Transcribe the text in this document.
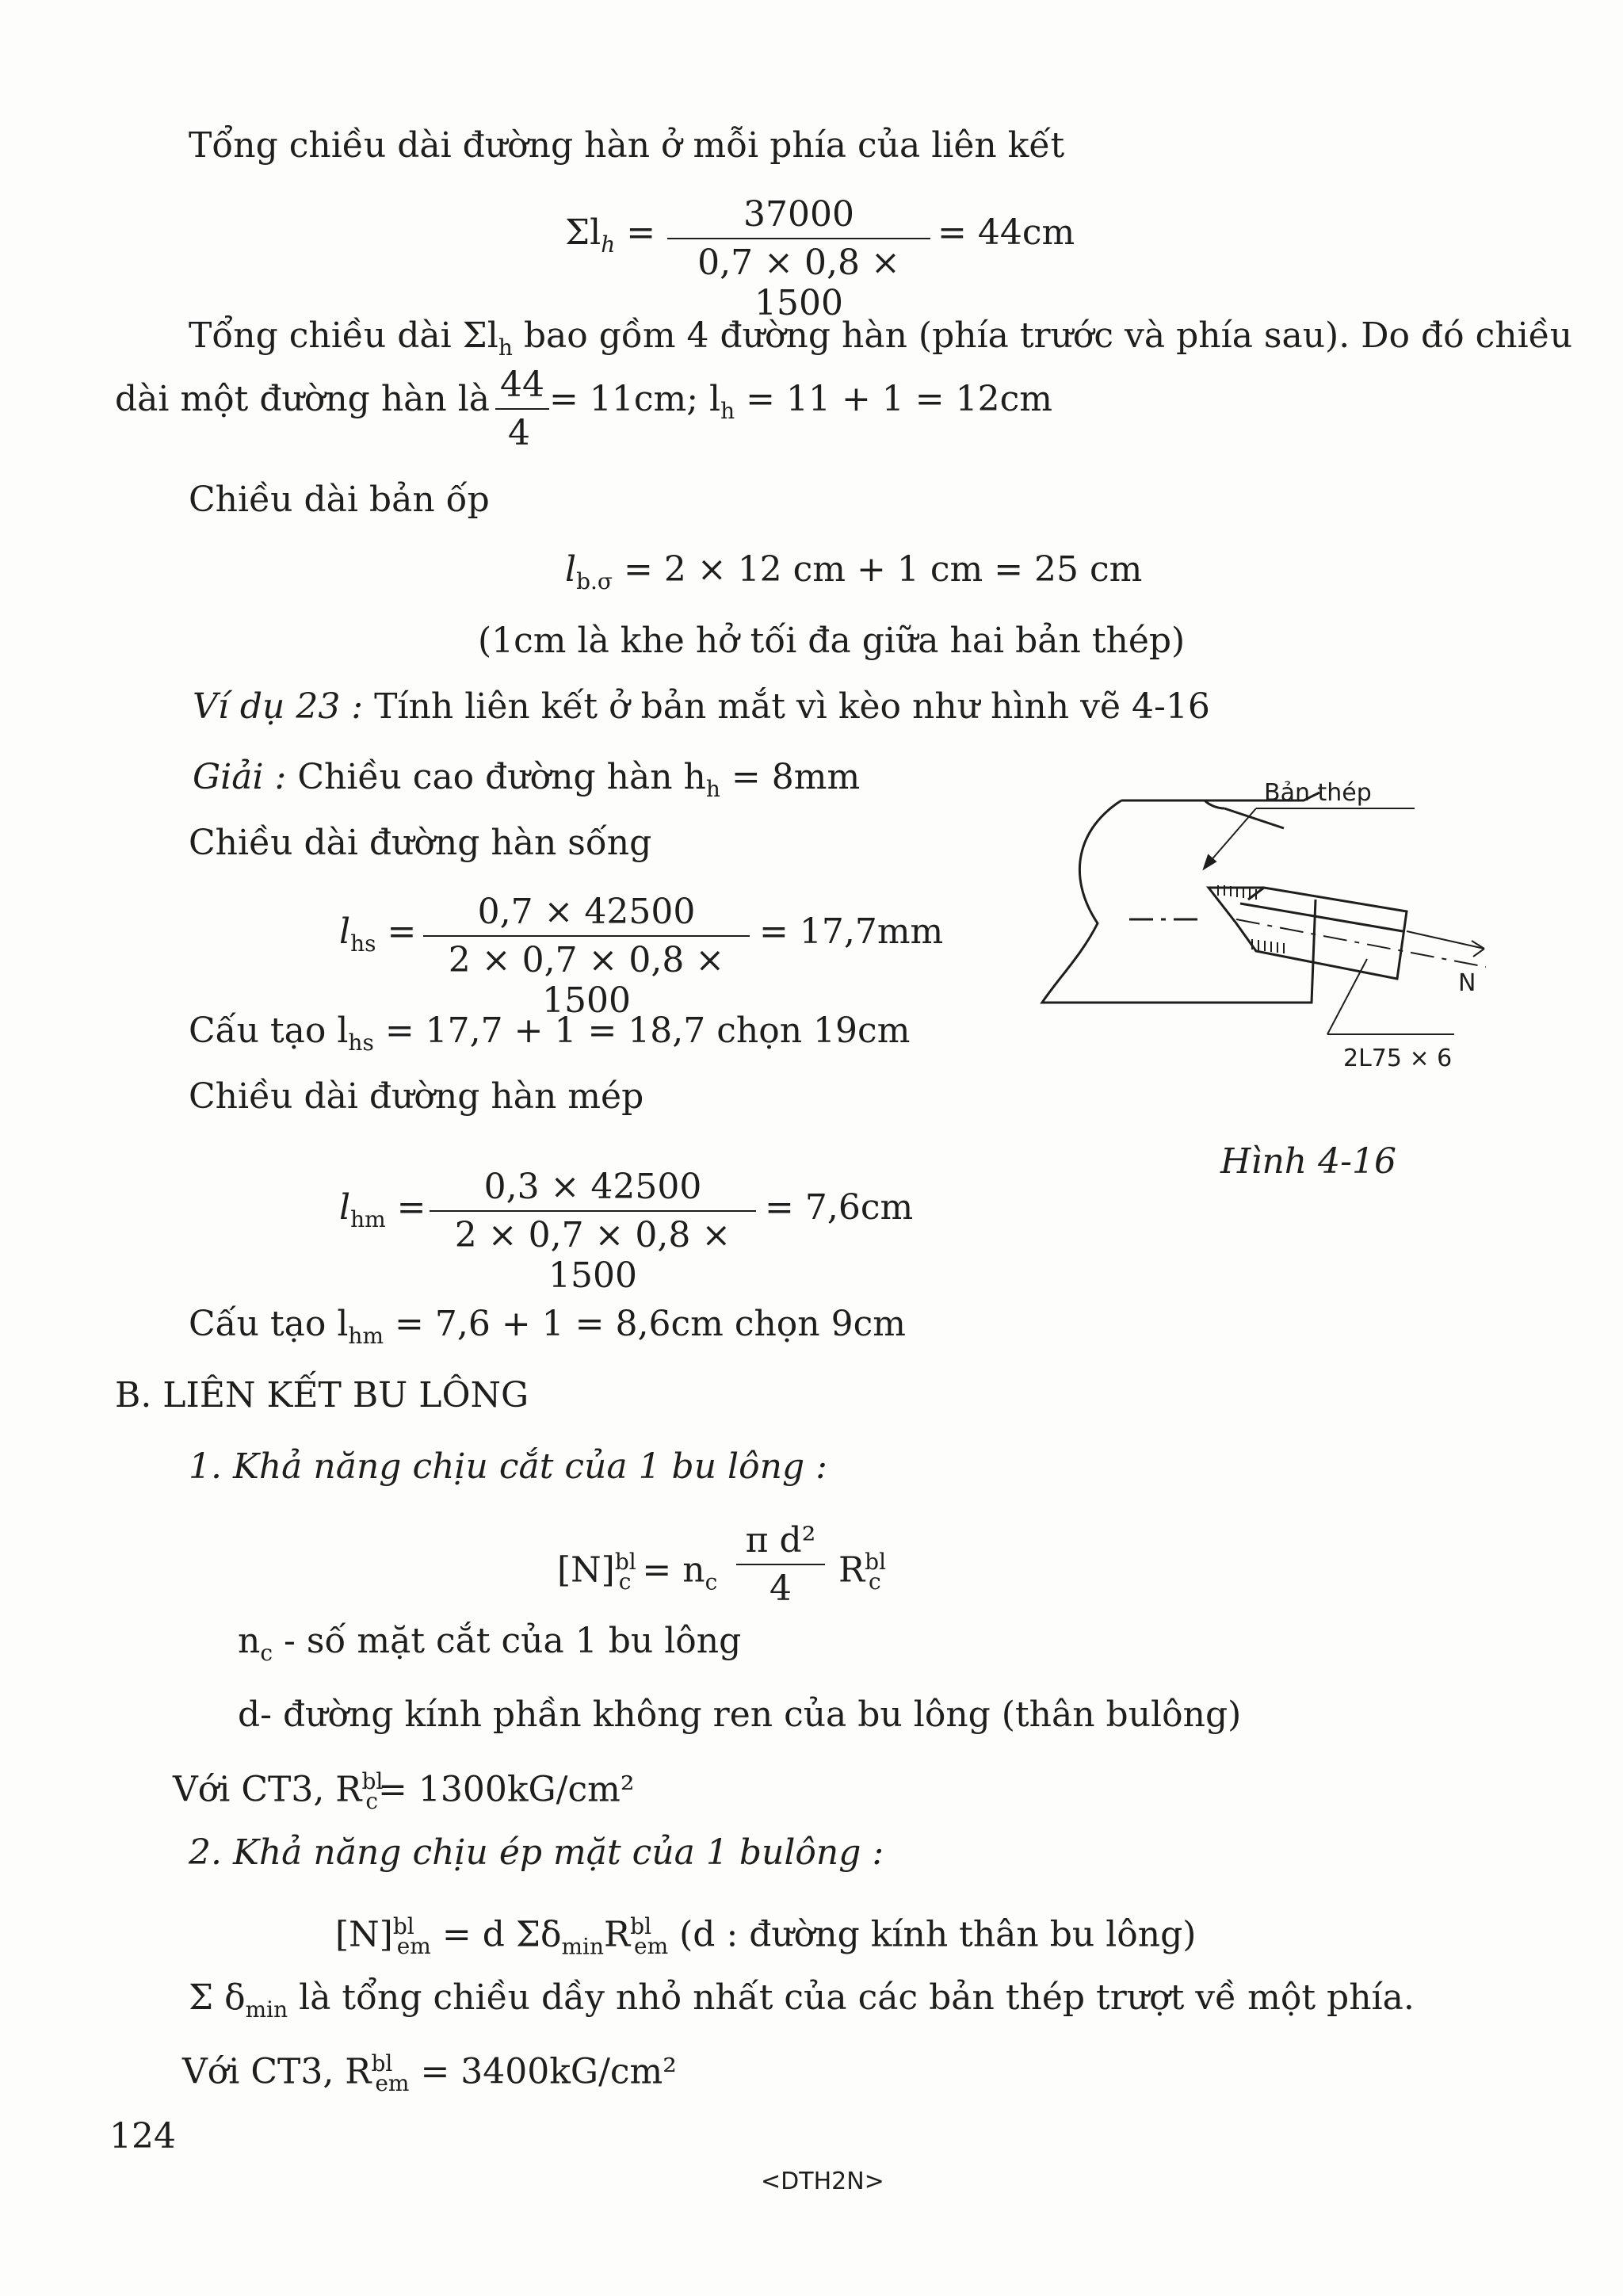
Tổng chiều dài đường hàn ở mỗi phía của liên kết
$\Sigma l_h = \frac{37000}{0,7 \times 0,8 \times 1500} = 44cm$
Tổng chiều dài $\Sigma l_h$ bao gồm 4 đường hàn (phía trước và phía sau). Do đó chiều
dài một đường hàn là $\frac{44}{4} = 11cm$; $l_h = 11 + 1 = 12cm$
Chiều dài bản ốp
$l_{b.\sigma} = 2 \times 12$ cm + 1 cm = 25 cm
(1cm là khe hở tối đa giữa hai bản thép)
Ví dụ 23 : Tính liên kết ở bản mắt vì kèo như hình vẽ 4-16
Giải : Chiều cao đường hàn $h_h = 8mm$
Chiều dài đường hàn sống
$l_{hs} = \frac{0,7 \times 42500}{2 \times 0,7 \times 0,8 \times 1500} = 17,7mm$
Cấu tạo $l_{hs} = 17,7 + 1 = 18,7$ chọn 19cm
Chiều dài đường hàn mép
$l_{hm} = \frac{0,3 \times 42500}{2 \times 0,7 \times 0,8 \times 1500} = 7,6cm$
Cấu tạo $l_{hm} = 7,6 + 1 = 8,6cm$ chọn 9cm
B. LIÊN KẾT BU LÔNG
1. Khả năng chịu cắt của 1 bu lông :
$[N]^{bl}_c = n_c \frac{\text{π d²}}{4} R^{bl}_c$
$n_c$ - số mặt cắt của 1 bu lông
d- đường kính phần không ren của bu lông (thân bulông)
Với CT3, $R^{bl}_c= 1300kG/cm^2$
2. Khả năng chịu ép mặt của 1 bulông :
$[N]^{bl}_{em} = d$ $\Sigma\delta_{min}R^{bl}_{em}$ (d : đường kính thân bu lông)
Σ $\delta_{min}$ là tổng chiều dầy nhỏ nhất của các bản thép trượt về một phía.
Với CT3, $R^{bl}_{em} = 3400kG/cm^2$
Bản thép
N
2L75 × 6
Hình 4-16
124
<DTH2N>
